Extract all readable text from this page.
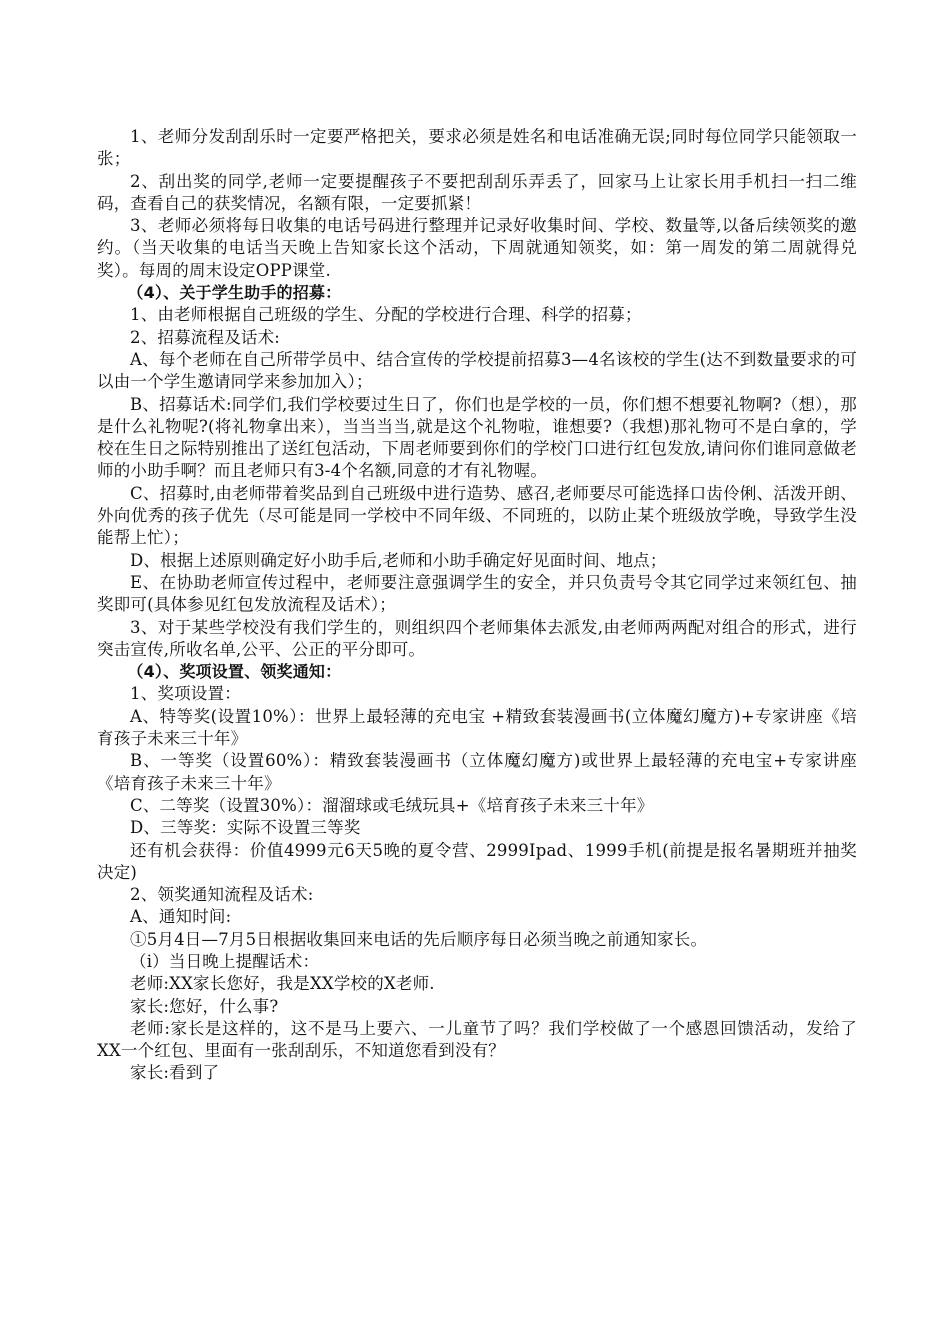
1、老师分发刮刮乐时一定要严格把关，要求必须是姓名和电话准确无误;同时每位同学只能领取一张；

2、刮出奖的同学,老师一定要提醒孩子不要把刮刮乐弄丢了，回家马上让家长用手机扫一扫二维码，查看自己的获奖情况，名额有限，一定要抓紧！

3、老师必须将每日收集的电话号码进行整理并记录好收集时间、学校、数量等,以备后续领奖的邀约。（当天收集的电话当天晚上告知家长这个活动，下周就通知领奖，如：第一周发的第二周就得兑奖）。每周的周末设定OPP课堂.

（4）、关于学生助手的招募：

1、由老师根据自己班级的学生、分配的学校进行合理、科学的招募；

2、招募流程及话术:

A、每个老师在自己所带学员中、结合宣传的学校提前招募3—4名该校的学生(达不到数量要求的可以由一个学生邀请同学来参加加入）；

B、招募话术:同学们,我们学校要过生日了，你们也是学校的一员，你们想不想要礼物啊?（想），那是什么礼物呢?(将礼物拿出来），当当当当,就是这个礼物啦，谁想要?（我想)那礼物可不是白拿的，学校在生日之际特别推出了送红包活动，下周老师要到你们的学校门口进行红包发放,请问你们谁同意做老师的小助手啊？而且老师只有3-4个名额,同意的才有礼物喔。

C、招募时,由老师带着奖品到自己班级中进行造势、感召,老师要尽可能选择口齿伶俐、活泼开朗、外向优秀的孩子优先（尽可能是同一学校中不同年级、不同班的，以防止某个班级放学晚，导致学生没能帮上忙）；

D、根据上述原则确定好小助手后,老师和小助手确定好见面时间、地点；

E、在协助老师宣传过程中，老师要注意强调学生的安全，并只负责号令其它同学过来领红包、抽奖即可(具体参见红包发放流程及话术）；

3、对于某些学校没有我们学生的，则组织四个老师集体去派发,由老师两两配对组合的形式，进行突击宣传,所收名单,公平、公正的平分即可。

（4）、奖项设置、领奖通知：

1、奖项设置：

A、特等奖(设置10%）：世界上最轻薄的充电宝 +精致套装漫画书(立体魔幻魔方)+专家讲座《培育孩子未来三十年》

B、一等奖（设置60%）：精致套装漫画书（立体魔幻魔方)或世界上最轻薄的充电宝+专家讲座《培育孩子未来三十年》

C、二等奖（设置30%）：溜溜球或毛绒玩具+《培育孩子未来三十年》

D、三等奖：实际不设置三等奖

还有机会获得：价值4999元6天5晚的夏令营、2999Ipad、1999手机(前提是报名暑期班并抽奖决定)

2、领奖通知流程及话术:

A、通知时间:

①5月4日—7月5日根据收集回来电话的先后顺序每日必须当晚之前通知家长。

（i）当日晚上提醒话术：

老师:XX家长您好，我是XX学校的X老师.

家长:您好，什么事?

老师:家长是这样的，这不是马上要六、一儿童节了吗？我们学校做了一个感恩回馈活动，发给了XX一个红包、里面有一张刮刮乐，不知道您看到没有？

家长:看到了
